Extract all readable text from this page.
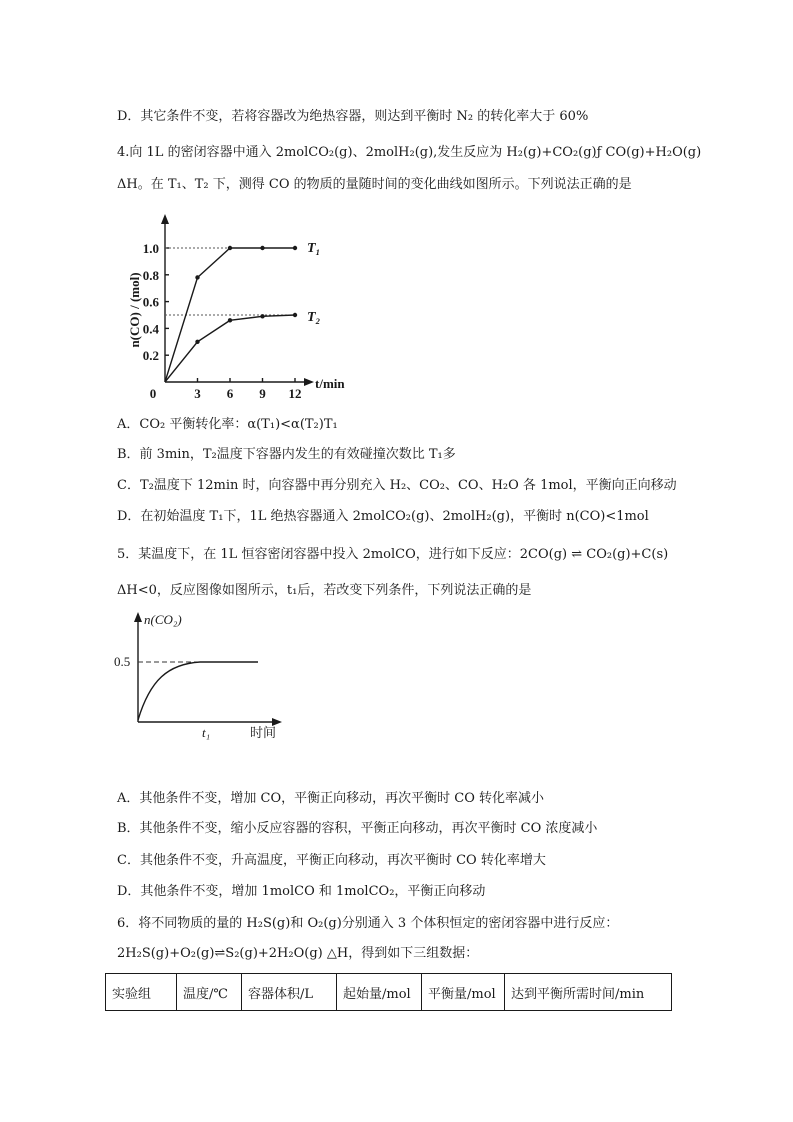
D．其它条件不变，若将容器改为绝热容器，则达到平衡时 N₂ 的转化率大于 60%
4.向 1L 的密闭容器中通入 2molCO₂(g)、2molH₂(g),发生反应为 H₂(g)+CO₂(g)ƒ CO(g)+H₂O(g)
ΔH。在 T₁、T₂ 下，测得 CO 的物质的量随时间的变化曲线如图所示。下列说法正确的是
n(CO) / (mol)
t/min
0.2
0.4
0.6
0.8
1.0
0	3 6 9 12
T₁
T₂
A．CO₂ 平衡转化率：α(T₁)<α(T₂)T₁
B．前 3min，T₂温度下容器内发生的有效碰撞次数比 T₁多
C．T₂温度下 12min 时，向容器中再分别充入 H₂、CO₂、CO、H₂O 各 1mol，平衡向正向移动
D．在初始温度 T₁下，1L 绝热容器通入 2molCO₂(g)、2molH₂(g)，平衡时 n(CO)<1mol
5．某温度下，在 1L 恒容密闭容器中投入 2molCO，进行如下反应：2CO(g) ⇌ CO₂(g)+C(s)
ΔH<0，反应图像如图所示，t₁后，若改变下列条件，下列说法正确的是
n(CO₂)
时间
0.5
t₁
A．其他条件不变，增加 CO，平衡正向移动，再次平衡时 CO 转化率减小
B．其他条件不变，缩小反应容器的容积，平衡正向移动，再次平衡时 CO 浓度减小
C．其他条件不变，升高温度，平衡正向移动，再次平衡时 CO 转化率增大
D．其他条件不变，增加 1molCO 和 1molCO₂，平衡正向移动
6．将不同物质的量的 H₂S(g)和 O₂(g)分别通入 3 个体积恒定的密闭容器中进行反应：
2H₂S(g)+O₂(g)⇌S₂(g)+2H₂O(g) △H，得到如下三组数据：
实验组	温度/℃	容器体积/L	起始量/mol	平衡量/mol	达到平衡所需时间/min
